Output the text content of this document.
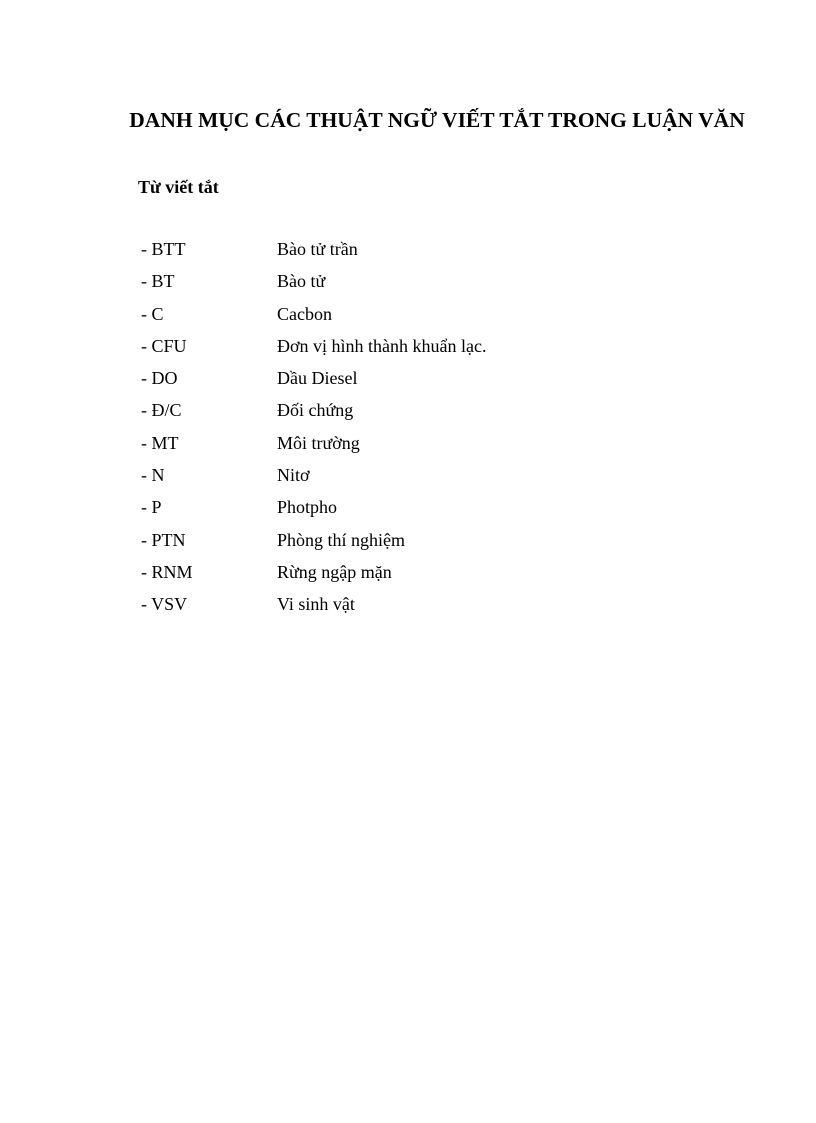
DANH MỤC CÁC THUẬT NGỮ VIẾT TẮT TRONG LUẬN VĂN
Từ viết tắt
- BTT	Bào tử trần
- BT	Bào tử
- C	Cacbon
- CFU	Đơn vị hình thành khuẩn lạc.
- DO	Dầu Diesel
- Đ/C	Đối chứng
- MT	Môi trường
- N	Nitơ
- P	Photpho
- PTN	Phòng thí nghiệm
- RNM	Rừng ngập mặn
- VSV	Vi sinh vật
